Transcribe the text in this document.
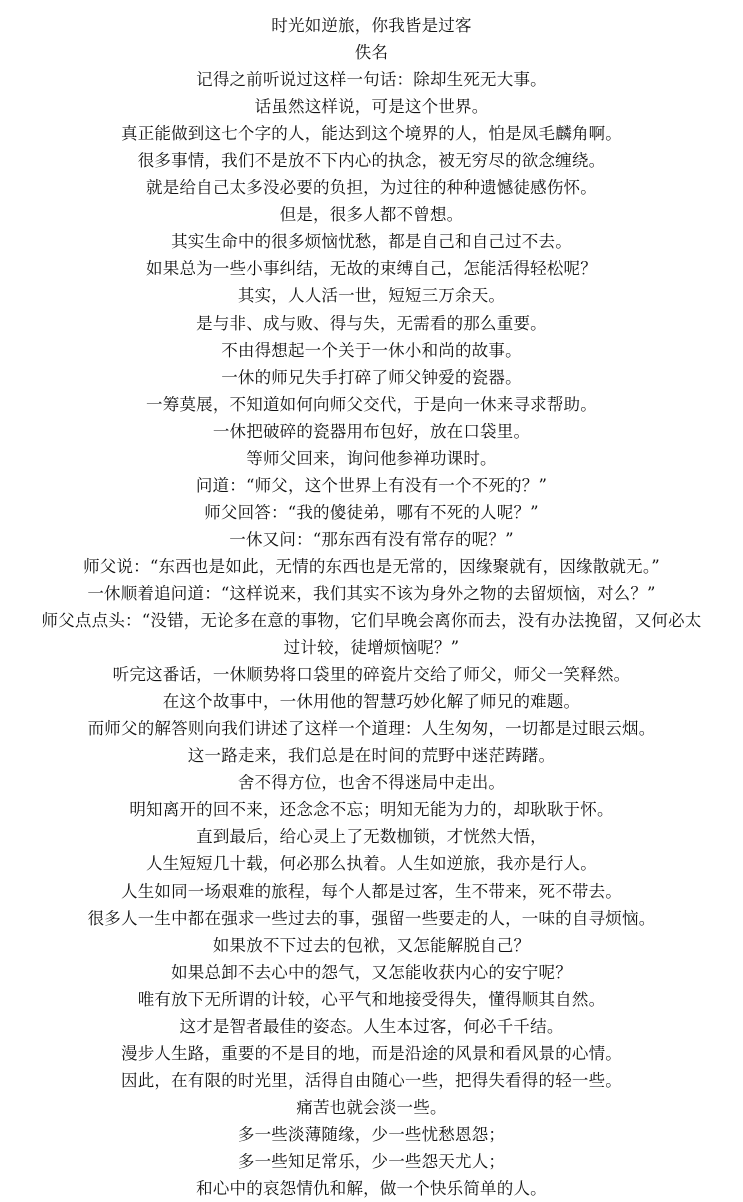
时光如逆旅，你我皆是过客
佚名
记得之前听说过这样一句话：除却生死无大事。
话虽然这样说，可是这个世界。
真正能做到这七个字的人，能达到这个境界的人，怕是凤毛麟角啊。
很多事情，我们不是放不下内心的执念，被无穷尽的欲念缠绕。
就是给自己太多没必要的负担，为过往的种种遗憾徒感伤怀。
但是，很多人都不曾想。
其实生命中的很多烦恼忧愁，都是自己和自己过不去。
如果总为一些小事纠结，无故的束缚自己，怎能活得轻松呢？
其实，人人活一世，短短三万余天。
是与非、成与败、得与失，无需看的那么重要。
不由得想起一个关于一休小和尚的故事。
一休的师兄失手打碎了师父钟爱的瓷器。
一筹莫展，不知道如何向师父交代，于是向一休来寻求帮助。
一休把破碎的瓷器用布包好，放在口袋里。
等师父回来，询问他参禅功课时。
问道：“师父，这个世界上有没有一个不死的？”
师父回答：“我的傻徒弟，哪有不死的人呢？”
一休又问：“那东西有没有常存的呢？”
师父说：“东西也是如此，无情的东西也是无常的，因缘聚就有，因缘散就无。”
一休顺着追问道：“这样说来，我们其实不该为身外之物的去留烦恼，对么？”
师父点点头：“没错，无论多在意的事物，它们早晚会离你而去，没有办法挽留，又何必太
过计较，徒增烦恼呢？”
听完这番话，一休顺势将口袋里的碎瓷片交给了师父，师父一笑释然。
在这个故事中，一休用他的智慧巧妙化解了师兄的难题。
而师父的解答则向我们讲述了这样一个道理：人生匆匆，一切都是过眼云烟。
这一路走来，我们总是在时间的荒野中迷茫踌躇。
舍不得方位，也舍不得迷局中走出。
明知离开的回不来，还念念不忘；明知无能为力的，却耿耿于怀。
直到最后，给心灵上了无数枷锁，才恍然大悟，
人生短短几十载，何必那么执着。人生如逆旅，我亦是行人。
人生如同一场艰难的旅程，每个人都是过客，生不带来，死不带去。
很多人一生中都在强求一些过去的事，强留一些要走的人，一味的自寻烦恼。
如果放不下过去的包袱，又怎能解脱自己？
如果总卸不去心中的怨气，又怎能收获内心的安宁呢？
唯有放下无所谓的计较，心平气和地接受得失，懂得顺其自然。
这才是智者最佳的姿态。人生本过客，何必千千结。
漫步人生路，重要的不是目的地，而是沿途的风景和看风景的心情。
因此，在有限的时光里，活得自由随心一些，把得失看得的轻一些。
痛苦也就会淡一些。
多一些淡薄随缘，少一些忧愁恩怨；
多一些知足常乐，少一些怨天尤人；
和心中的哀怨情仇和解，做一个快乐简单的人。
